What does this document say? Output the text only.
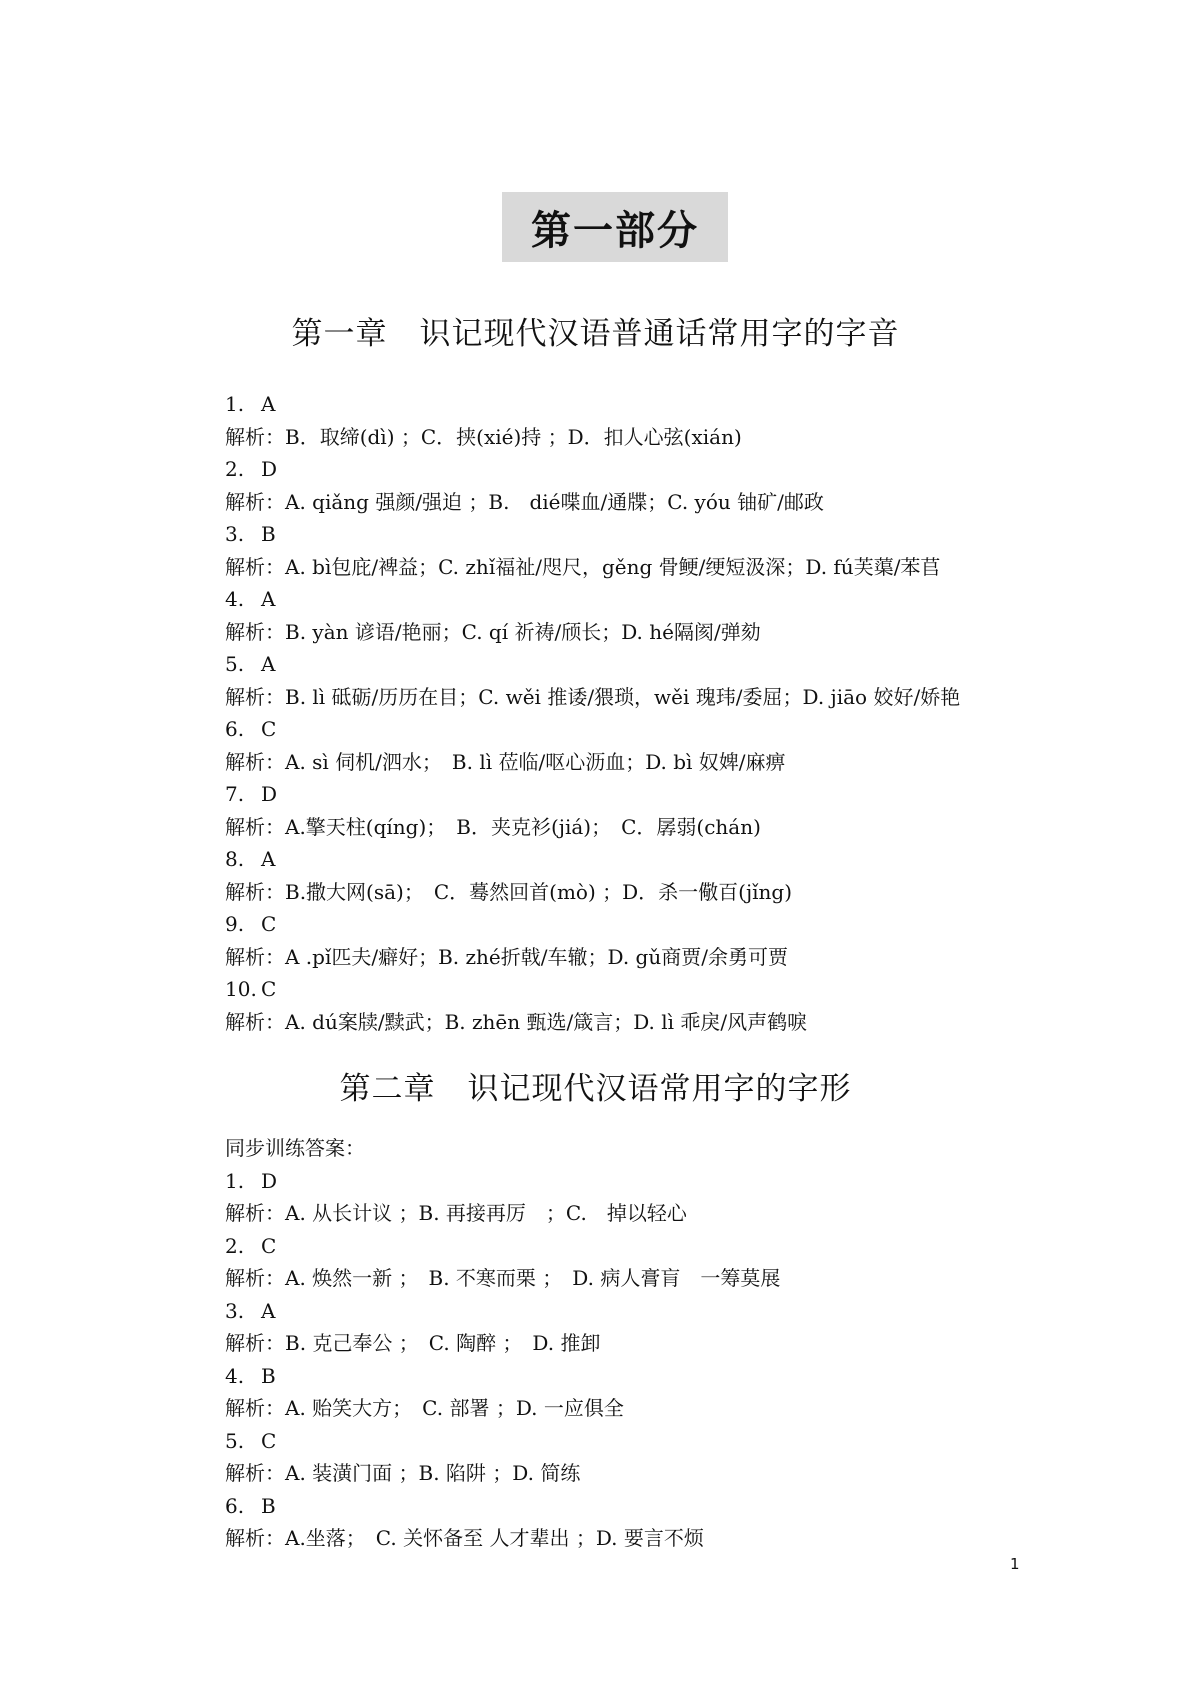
第一部分
第一章　识记现代汉语普通话常用字的字音
1. A
解析：B．取缔(dì) ；C．挟(xié)持 ；D．扣人心弦(xián)
2. D
解析：A. qiǎng 强颜/强迫 ；B.　dié喋血/通牒；C. yóu 铀矿/邮政
3. B
解析：A. bì包庇/裨益；C. zhǐ福祉/咫尺，gěng 骨鲠/绠短汲深；D. fú芙蕖/苯苢
4. A
解析：B. yàn 谚语/艳丽；C. qí 祈祷/颀长；D. hé隔阂/弹劾
5. A
解析：B. lì 砥砺/历历在目；C. wěi 推诿/猥琐，wěi 瑰玮/委屈；D. jiāo 姣好/娇艳
6. C
解析：A. sì 伺机/泗水；　B. lì 莅临/呕心沥血；D. bì 奴婢/麻痹
7. D
解析：A.擎天柱(qíng)；　B．夹克衫(jiá)；　C．孱弱(chán)
8. A
解析：B.撒大网(sā)；　C．蓦然回首(mò) ；D．杀一儆百(jǐng)
9. C
解析：A .pǐ匹夫/癖好；B. zhé折戟/车辙；D. gǔ商贾/余勇可贾
10. C
解析：A. dú案牍/黩武；B. zhēn 甄选/箴言；D. lì 乖戾/风声鹤唳
第二章　识记现代汉语常用字的字形
同步训练答案：
1. D
解析：A. 从长计议 ；B. 再接再厉　；C.　掉以轻心
2. C
解析：A. 焕然一新 ；　B. 不寒而栗 ；　D. 病人膏肓　一筹莫展
3. A
解析：B. 克己奉公 ；　C. 陶醉 ；　D. 推卸
4. B
解析：A. 贻笑大方；　C. 部署 ；D. 一应俱全
5. C
解析：A. 装潢门面 ；B. 陷阱 ；D. 简练
6. B
解析：A.坐落；　C. 关怀备至 人才辈出 ；D. 要言不烦
1
